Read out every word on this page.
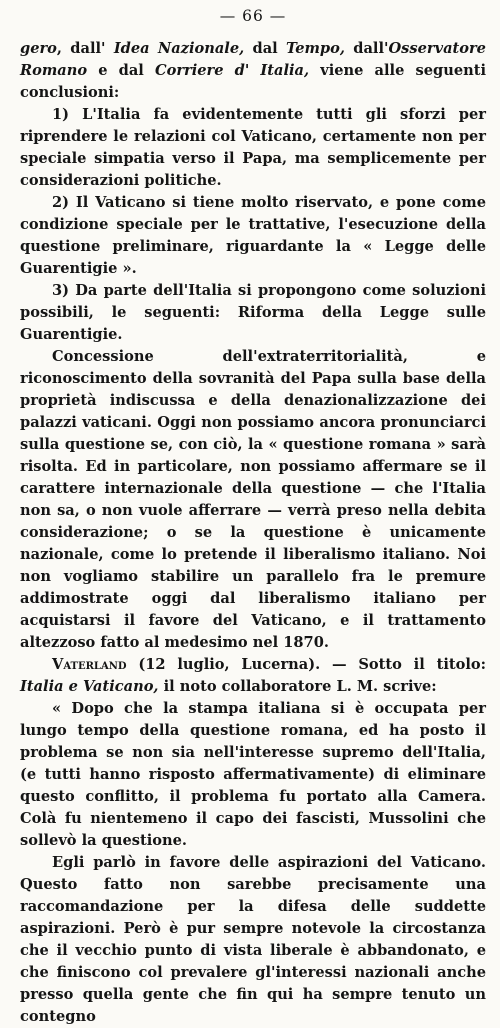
— 66 —

gero, dall' Idea Nazionale, dal Tempo, dall'Osservatore Romano e dal Corriere d' Italia, viene alle seguenti conclusioni:

1) L'Italia fa evidentemente tutti gli sforzi per riprendere le relazioni col Vaticano, certamente non per speciale simpatia verso il Papa, ma semplicemente per considerazioni politiche.

2) Il Vaticano si tiene molto riservato, e pone come condizione speciale per le trattative, l'esecuzione della questione preliminare, riguardante la « Legge delle Guarentigie ».

3) Da parte dell'Italia si propongono come soluzioni possibili, le seguenti: Riforma della Legge sulle Guarentigie.

Concessione dell'extraterritorialità, e riconoscimento della sovranità del Papa sulla base della proprietà indiscussa e della denazionalizzazione dei palazzi vaticani. Oggi non possiamo ancora pronunciarci sulla questione se, con ciò, la « questione romana » sarà risolta. Ed in particolare, non possiamo affermare se il carattere internazionale della questione — che l'Italia non sa, o non vuole afferrare — verrà preso nella debita considerazione; o se la questione è unicamente nazionale, come lo pretende il liberalismo italiano. Noi non vogliamo stabilire un parallelo fra le premure addimostrate oggi dal liberalismo italiano per acquistarsi il favore del Vaticano, e il trattamento altezzoso fatto al medesimo nel 1870.

Vaterland (12 luglio, Lucerna). — Sotto il titolo: Italia e Vaticano, il noto collaboratore L. M. scrive:

« Dopo che la stampa italiana si è occupata per lungo tempo della questione romana, ed ha posto il problema se non sia nell'interesse supremo dell'Italia, (e tutti hanno risposto affermativamente) di eliminare questo conflitto, il problema fu portato alla Camera. Colà fu nientemeno il capo dei fascisti, Mussolini che sollevò la questione.

Egli parlò in favore delle aspirazioni del Vaticano. Questo fatto non sarebbe precisamente una raccomandazione per la difesa delle suddette aspirazioni. Però è pur sempre notevole la circostanza che il vecchio punto di vista liberale è abbandonato, e che finiscono col prevalere gl'interessi nazionali anche presso quella gente che fin qui ha sempre tenuto un contegno
